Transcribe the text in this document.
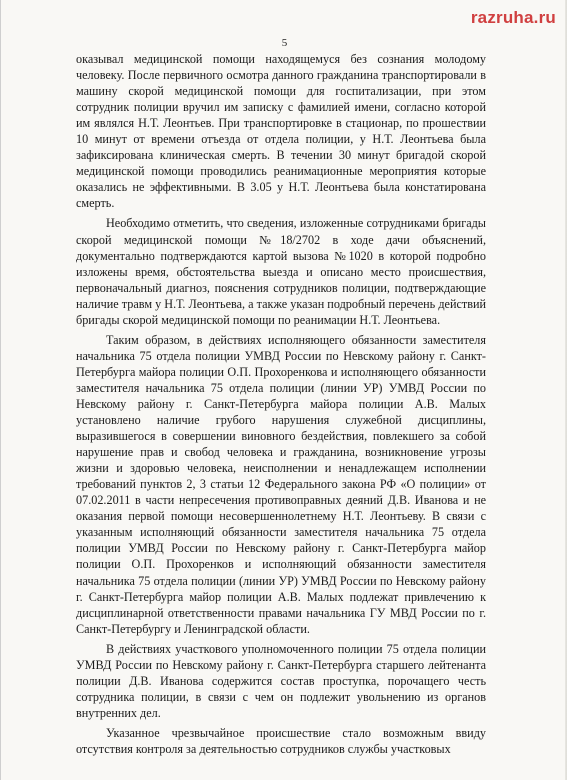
razruha.ru
5

оказывал медицинской помощи находящемуся без сознания молодому человеку. После первичного осмотра данного гражданина транспортировали в машину скорой медицинской помощи для госпитализации, при этом сотрудник полиции вручил им записку с фамилией имени, согласно которой им являлся Н.Т. Леонтьев. При транспортировке в стационар, по прошествии 10 минут от времени отъезда от отдела полиции, у Н.Т. Леонтьева была зафиксирована клиническая смерть. В течении 30 минут бригадой скорой медицинской помощи проводились реанимационные мероприятия которые оказались не эффективными. В 3.05 у Н.Т. Леонтьева была констатирована смерть.

Необходимо отметить, что сведения, изложенные сотрудниками бригады скорой медицинской помощи №18/2702 в ходе дачи объяснений, документально подтверждаются картой вызова №1020 в которой подробно изложены время, обстоятельства выезда и описано место происшествия, первоначальный диагноз, пояснения сотрудников полиции, подтверждающие наличие травм у Н.Т. Леонтьева, а также указан подробный перечень действий бригады скорой медицинской помощи по реанимации Н.Т. Леонтьева.

Таким образом, в действиях исполняющего обязанности заместителя начальника 75 отдела полиции УМВД России по Невскому району г. Санкт-Петербурга майора полиции О.П. Прохоренкова и исполняющего обязанности заместителя начальника 75 отдела полиции (линии УР) УМВД России по Невскому району г. Санкт-Петербурга майора полиции А.В. Малых установлено наличие грубого нарушения служебной дисциплины, выразившегося в совершении виновного бездействия, повлекшего за собой нарушение прав и свобод человека и гражданина, возникновение угрозы жизни и здоровью человека, неисполнении и ненадлежащем исполнении требований пунктов 2, 3 статьи 12 Федерального закона РФ «О полиции» от 07.02.2011 в части непресечения противоправных деяний Д.В. Иванова и не оказания первой помощи несовершеннолетнему Н.Т. Леонтьеву. В связи с указанным исполняющий обязанности заместителя начальника 75 отдела полиции УМВД России по Невскому району г. Санкт-Петербурга майор полиции О.П. Прохоренков и исполняющий обязанности заместителя начальника 75 отдела полиции (линии УР) УМВД России по Невскому району г. Санкт-Петербурга майор полиции А.В. Малых подлежат привлечению к дисциплинарной ответственности правами начальника ГУ МВД России по г. Санкт-Петербургу и Ленинградской области.

В действиях участкового уполномоченного полиции 75 отдела полиции УМВД России по Невскому району г. Санкт-Петербурга старшего лейтенанта полиции Д.В. Иванова содержится состав проступка, порочащего честь сотрудника полиции, в связи с чем он подлежит увольнению из органов внутренних дел.

Указанное чрезвычайное происшествие стало возможным ввиду отсутствия контроля за деятельностью сотрудников службы участковых
